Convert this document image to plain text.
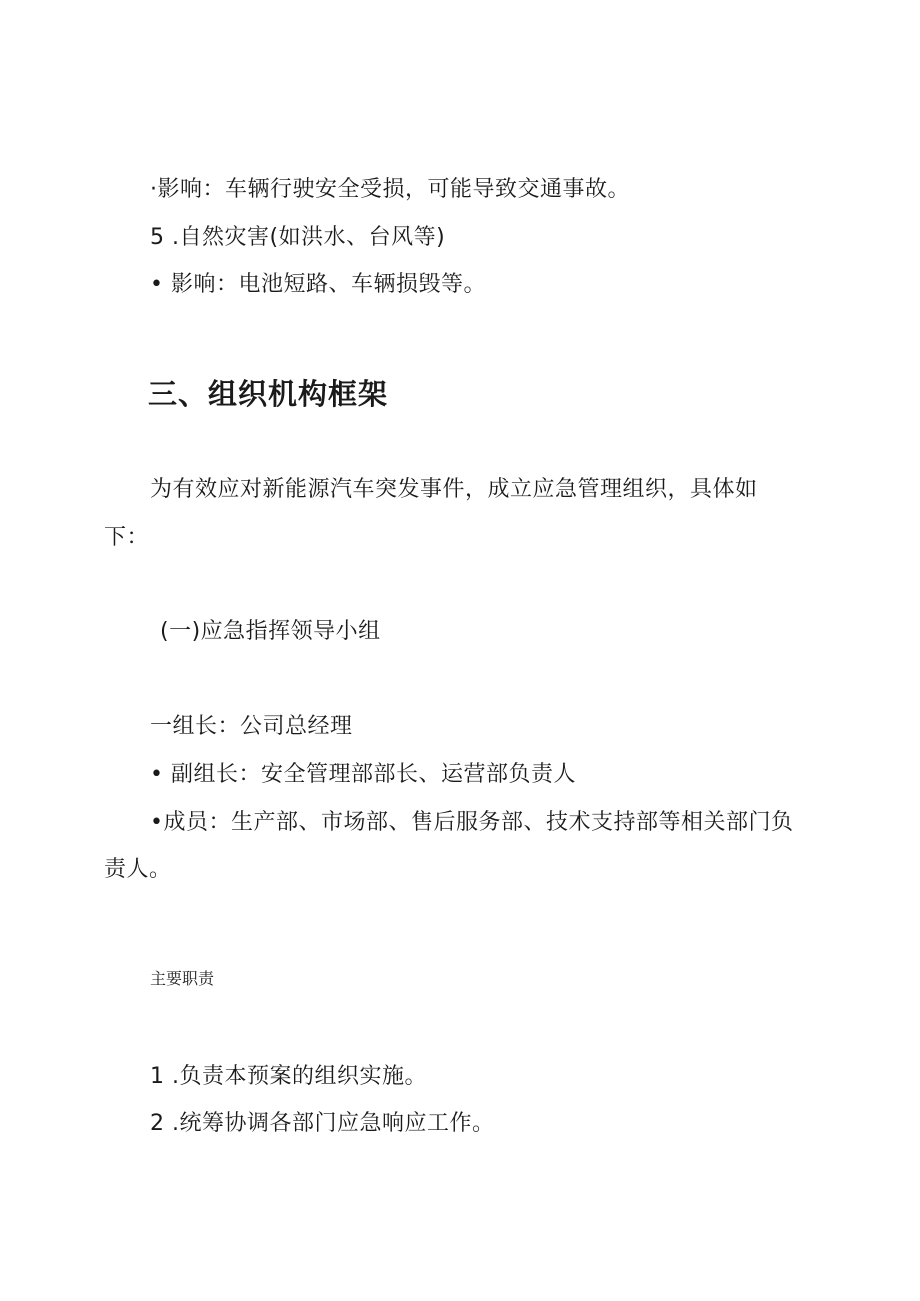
·影响：车辆行驶安全受损，可能导致交通事故。
5 .自然灾害(如洪水、台风等)
• 影响：电池短路、车辆损毁等。
三、组织机构框架
为有效应对新能源汽车突发事件，成立应急管理组织，具体如
下：
(一)应急指挥领导小组
一组长：公司总经理
• 副组长：安全管理部部长、运营部负责人
•成员：生产部、市场部、售后服务部、技术支持部等相关部门负
责人。
主要职责
1 .负责本预案的组织实施。
2 .统筹协调各部门应急响应工作。
